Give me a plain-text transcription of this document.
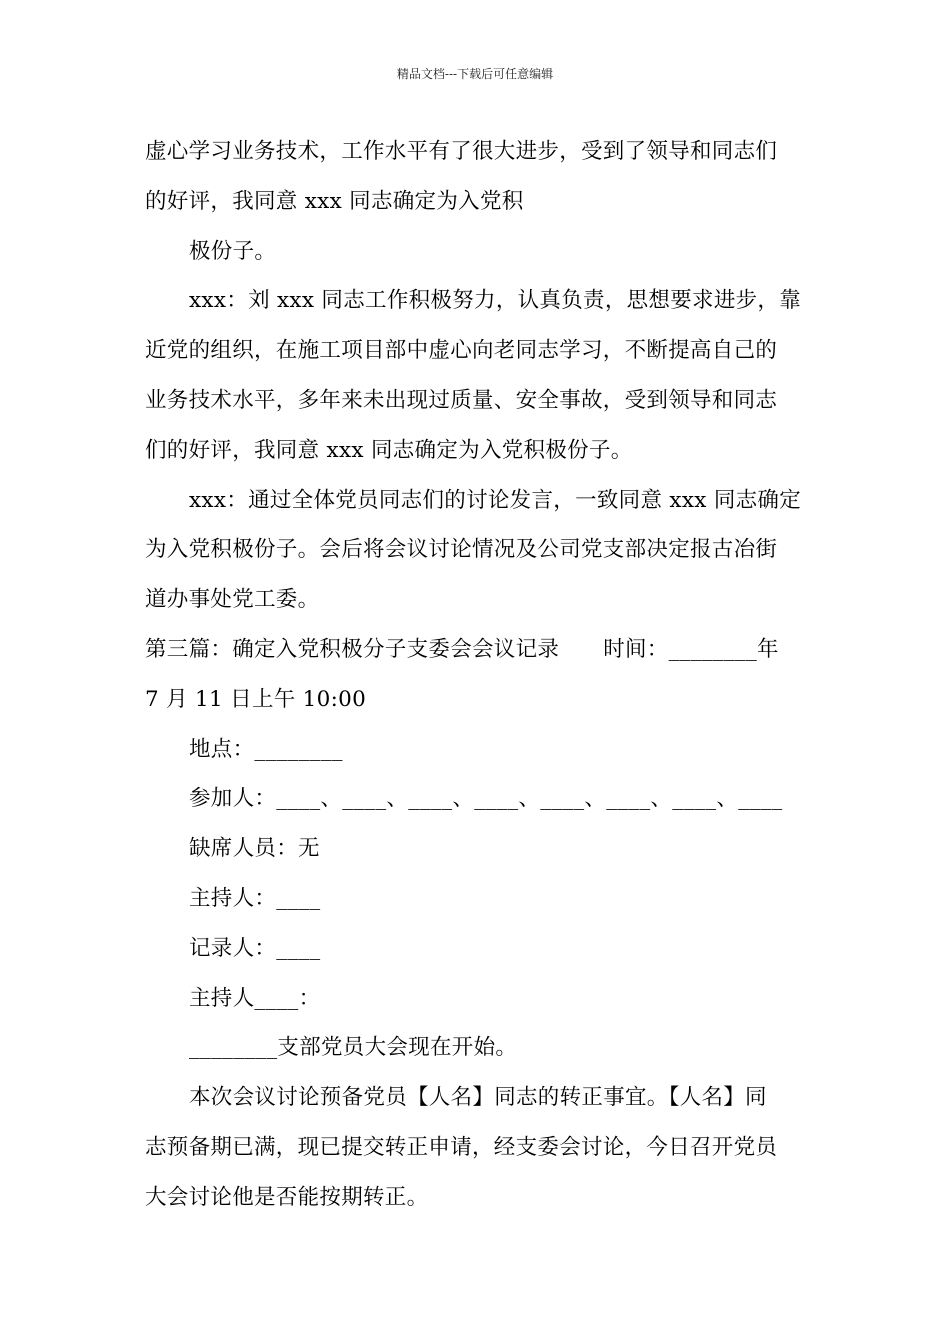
精品文档---下载后可任意编辑
虚心学习业务技术，工作水平有了很大进步，受到了领导和同志们
的好评，我同意 xxx 同志确定为入党积
极份子。
xxx：刘 xxx 同志工作积极努力，认真负责，思想要求进步，靠
近党的组织，在施工项目部中虚心向老同志学习，不断提高自己的
业务技术水平，多年来未出现过质量、安全事故，受到领导和同志
们的好评，我同意 xxx 同志确定为入党积极份子。
xxx：通过全体党员同志们的讨论发言，一致同意 xxx 同志确定
为入党积极份子。会后将会议讨论情况及公司党支部决定报古冶街
道办事处党工委。
第三篇：确定入党积极分子支委会会议记录 时间：________年
7 月 11 日上午 10:00
地点：________
参加人：____、____、____、____、____、____、____、____
缺席人员：无
主持人：____
记录人：____
主持人____：
________支部党员大会现在开始。
本次会议讨论预备党员【人名】同志的转正事宜。【人名】同
志预备期已满，现已提交转正申请，经支委会讨论，今日召开党员
大会讨论他是否能按期转正。
